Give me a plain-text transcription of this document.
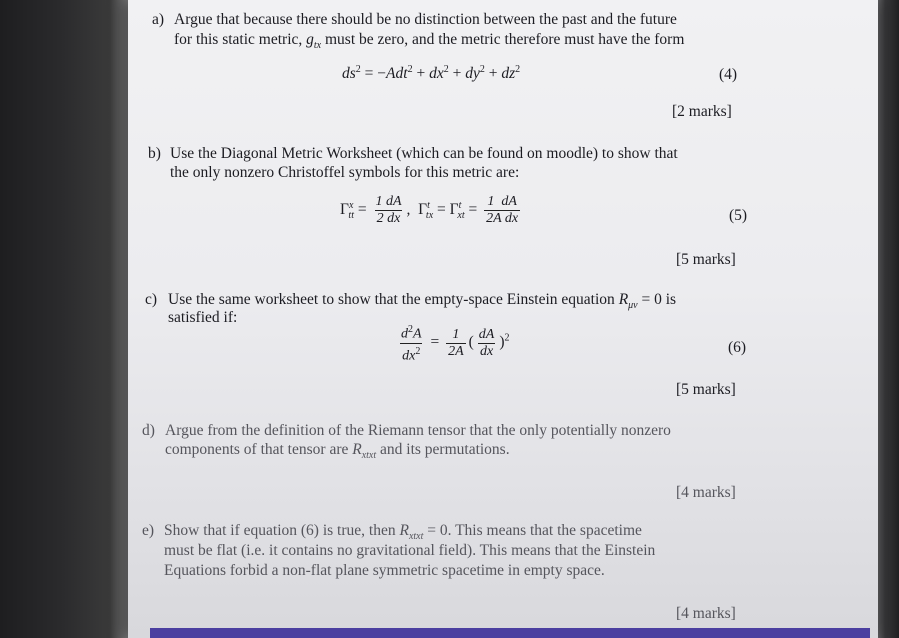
a) Argue that because there should be no distinction between the past and the future
for this static metric, $g_{tx}$ must be zero, and the metric therefore must have the form
$ds^2 = -Adt^2 + dx^2 + dy^2 + dz^2$	(4)
[2 marks]
b) Use the Diagonal Metric Worksheet (which can be found on moodle) to show that
the only nonzero Christoffel symbols for this metric are:
$\Gamma^x_{tt} = \frac{1 dA}{2 dx}$ ,  $\Gamma^t_{tx} = \Gamma^t_{xt} = \frac{1 dA}{\text{2A dx}}$	(5)
[5 marks]
c) Use the same worksheet to show that the empty-space Einstein equation $R_{\mu\nu} = 0$ is
satisfied if:
$\frac{d^2A}{dx^2} = \frac{1}{2A}$ ( $\frac{dA}{dx} )^2$
(6)
[5 marks]
d) Argue from the definition of the Riemann tensor that the only potentially nonzero
components of that tensor are $R_{xtxt}$ and its permutations.
[4 marks]
e) Show that if equation (6) is true, then $R_{xtxt} = 0$. This means that the spacetime
must be flat (i.e. it contains no gravitational field). This means that the Einstein
Equations forbid a non-flat plane symmetric spacetime in empty space.
[4 marks]
